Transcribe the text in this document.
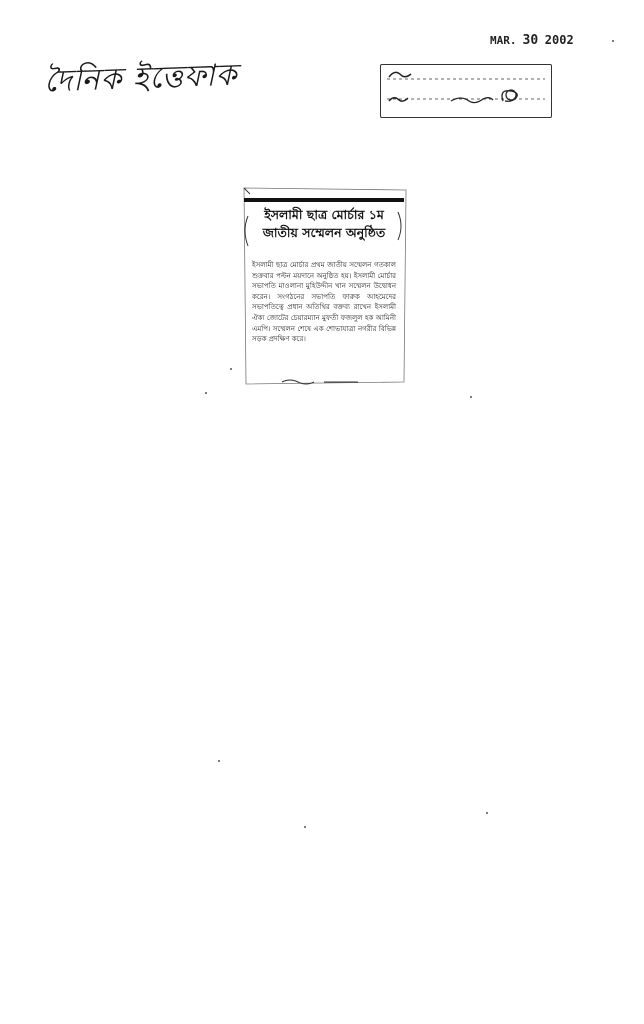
দৈনিক ইত্তেফাক
MAR. 30 2002
ইসলামী ছাত্র মোর্চার ১ম জাতীয় সম্মেলন অনুষ্ঠিত
ইসলামী ছাত্র মোর্চার প্রথম জাতীয় সম্মেলন গতকাল শুক্রবার পল্টন ময়দানে অনুষ্ঠিত হয়। ইসলামী মোর্চার সভাপতি মাওলানা মুহিউদ্দীন খান সম্মেলন উদ্বোধন করেন। সংগঠনের সভাপতি ফারুক আহমেদের সভাপতিত্বে প্রধান অতিথির বক্তব্য রাখেন ইসলামী ঐক্য জোটের চেয়ারম্যান মুফতী ফজলুল হক আমিনী এমপি। সম্মেলন শেষে এক শোভাযাত্রা নগরীর বিভিন্ন সড়ক প্রদক্ষিণ করে।
